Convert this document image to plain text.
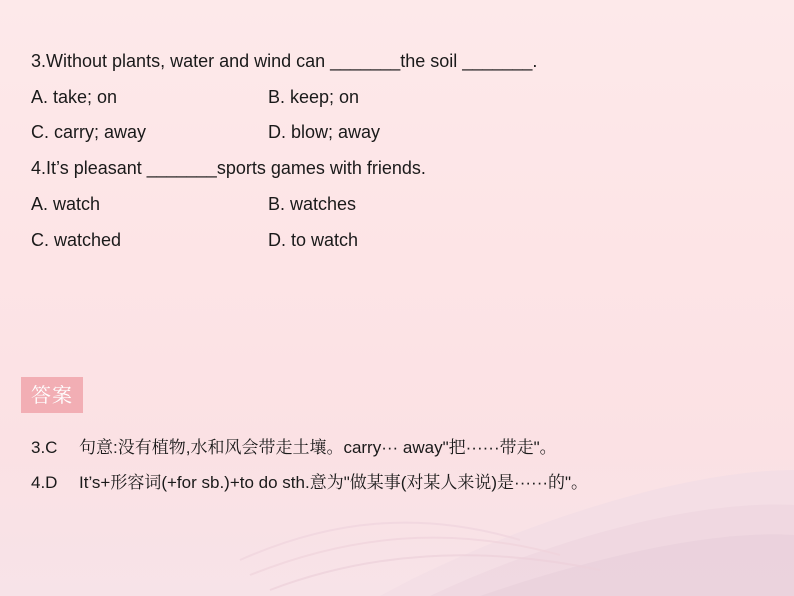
3.Without plants, water and wind can _______the soil _______.
A. take; on	B. keep; on
C. carry; away	D. blow; away
4.It’s pleasant _______sports games with friends.
A. watch	B. watches
C. watched	D. to watch
答案
3.C 句意:没有植物,水和风会带走土壤。carry··· away"把······带走"。
4.D It’s+形容词(+for sb.)+to do sth.意为"做某事(对某人来说)是······的"。
